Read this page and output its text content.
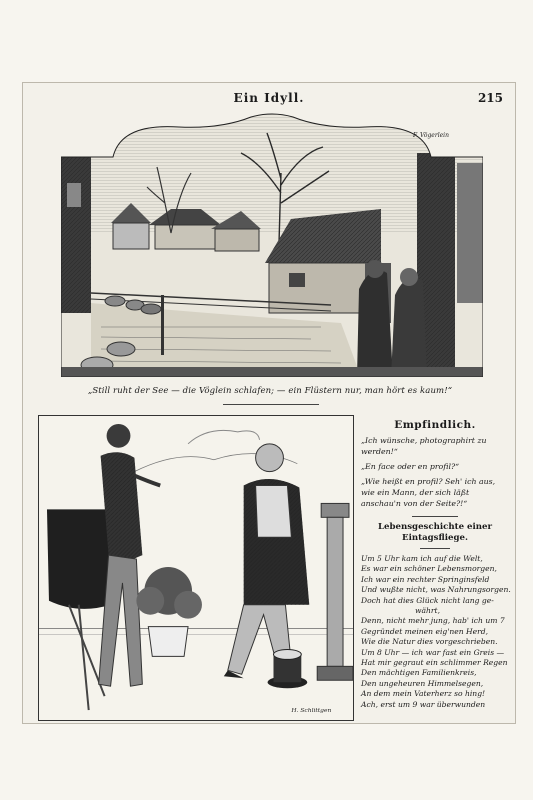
Ein Idyll.	215
F. Vögerlein
„Still ruht der See — die Vöglein schlafen; — ein Flüstern nur, man hört es kaum!“
H. Schlittgen
Empfindlich.

„Ich wünsche, photographirt zu werden!“

„En face oder en profil?“

„Wie heißt en profil? Seh' ich aus, wie ein Mann, der sich läßt anschau'n von der Seite?!“

Lebensgeschichte einer Eintagsfliege.
Um 5 Uhr kam ich auf die Welt,
Es war ein schöner Lebensmorgen,
Ich war ein rechter Springinsfeld
Und wußte nicht, was Nahrungsorgen.
Doch hat dies Glück nicht lang ge-
währt,
Denn, nicht mehr jung, hab' ich um 7
Gegründet meinen eig'nen Herd,
Wie die Natur dies vorgeschrieben.
Um 8 Uhr — ich war fast ein Greis —
Hat mir gegraut ein schlimmer Regen
Den mächtigen Familienkreis,
Den ungeheuren Himmelsegen,
An dem mein Vaterherz so hing!
Ach, erst um 9 war überwunden
